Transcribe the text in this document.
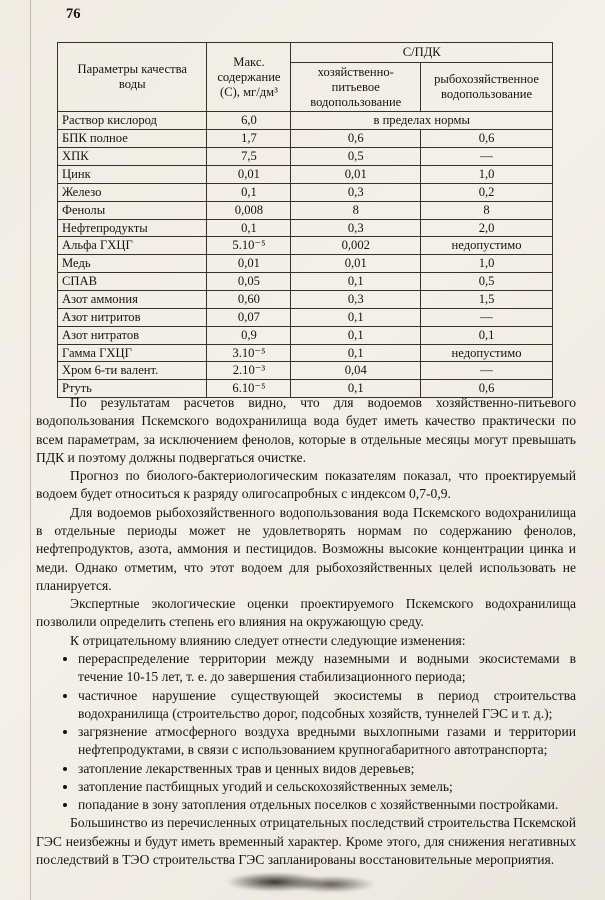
76
Параметры качества воды	Макс. содержание (С), мг/дм³	С/ПДК	
		хозяйственно-питьевое водопользование	рыбохозяйственное водопользование
Раствор кислород	6,0	в пределах нормы	
БПК полное	1,7	0,6	0,6
ХПК	7,5	0,5	—
Цинк	0,01	0,01	1,0
Железо	0,1	0,3	0,2
Фенолы	0,008	8	8
Нефтепродукты	0,1	0,3	2,0
Альфа ГХЦГ	5.10⁻⁵	0,002	недопустимо
Медь	0,01	0,01	1,0
СПАВ	0,05	0,1	0,5
Азот аммония	0,60	0,3	1,5
Азот нитритов	0,07	0,1	—
Азот нитратов	0,9	0,1	0,1
Гамма ГХЦГ	3.10⁻⁵	0,1	недопустимо
Хром 6-ти валент.	2.10⁻³	0,04	—
Ртуть	6.10⁻⁵	0,1	0,6

По результатам расчетов видно, что для водоемов хозяйственно-питьевого водопользования Пскемского водохранилища вода будет иметь качество практически по всем параметрам, за исключением фенолов, которые в отдельные месяцы могут превышать ПДК и поэтому должны подвергаться очистке.

Прогноз по биолого-бактериологическим показателям показал, что проектируемый водоем будет относиться к разряду олигосапробных с индексом 0,7-0,9.

Для водоемов рыбохозяйственного водопользования вода Пскемского водохранилища в отдельные периоды может не удовлетворять нормам по содержанию фенолов, нефтепродуктов, азота, аммония и пестицидов. Возможны высокие концентрации цинка и меди. Однако отметим, что этот водоем для рыбохозяйственных целей использовать не планируется.

Экспертные экологические оценки проектируемого Пскемского водохранилища позволили определить степень его влияния на окружающую среду.

К отрицательному влиянию следует отнести следующие изменения:

• перераспределение территории между наземными и водными экосистемами в течение 10-15 лет, т. е. до завершения стабилизационного периода;
• частичное нарушение существующей экосистемы в период строительства водохранилища (строительство дорог, подсобных хозяйств, туннелей ГЭС и т. д.);
• загрязнение атмосферного воздуха вредными выхлопными газами и территории нефтепродуктами, в связи с использованием крупногабаритного автотранспорта;
• затопление лекарственных трав и ценных видов деревьев;
• затопление пастбищных угодий и сельскохозяйственных земель;
• попадание в зону затопления отдельных поселков с хозяйственными постройками.

Большинство из перечисленных отрицательных последствий строительства Пскемской ГЭС неизбежны и будут иметь временный характер. Кроме этого, для снижения негативных последствий в ТЭО строительства ГЭС запланированы восстановительные мероприятия.
